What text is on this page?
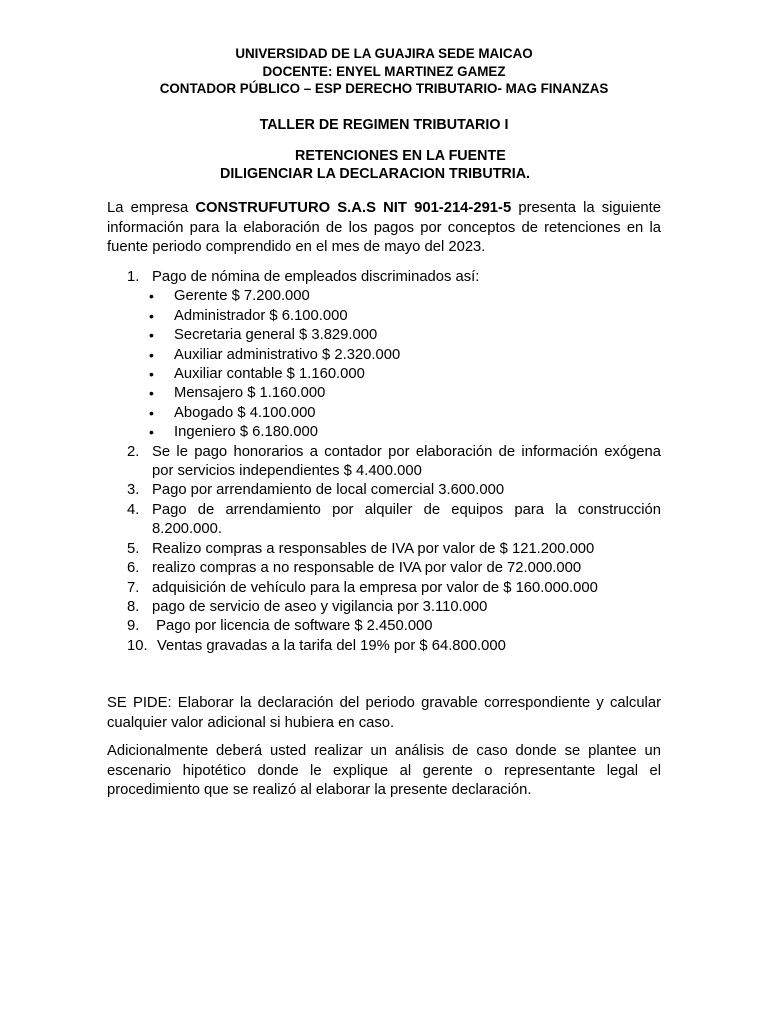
UNIVERSIDAD DE LA GUAJIRA SEDE MAICAO
DOCENTE: ENYEL MARTINEZ GAMEZ
CONTADOR PÚBLICO – ESP DERECHO TRIBUTARIO- MAG FINANZAS
TALLER DE REGIMEN TRIBUTARIO I
RETENCIONES EN LA FUENTE
DILIGENCIAR LA DECLARACION TRIBUTRIA.
La empresa CONSTRUFUTURO S.A.S NIT 901-214-291-5 presenta la siguiente información para la elaboración de los pagos por conceptos de retenciones en la fuente periodo comprendido en el mes de mayo del 2023.
1. Pago de nómina de empleados discriminados así:
• Gerente $ 7.200.000
• Administrador $ 6.100.000
• Secretaria general $ 3.829.000
• Auxiliar administrativo $ 2.320.000
• Auxiliar contable $ 1.160.000
• Mensajero $ 1.160.000
• Abogado $ 4.100.000
• Ingeniero $ 6.180.000
2. Se le pago honorarios a contador por elaboración de información exógena por servicios independientes $ 4.400.000
3. Pago por arrendamiento de local comercial 3.600.000
4. Pago de arrendamiento por alquiler de equipos para la construcción 8.200.000.
5. Realizo compras a responsables de IVA por valor de $ 121.200.000
6. realizo compras a no responsable de IVA por valor de 72.000.000
7. adquisición de vehículo para la empresa por valor de $ 160.000.000
8. pago de servicio de aseo y vigilancia por 3.110.000
9. Pago por licencia de software $ 2.450.000
10. Ventas gravadas a la tarifa del 19% por $ 64.800.000
SE PIDE: Elaborar la declaración del periodo gravable correspondiente y calcular cualquier valor adicional si hubiera en caso.
Adicionalmente deberá usted realizar un análisis de caso donde se plantee un escenario hipotético donde le explique al gerente o representante legal el procedimiento que se realizó al elaborar la presente declaración.
